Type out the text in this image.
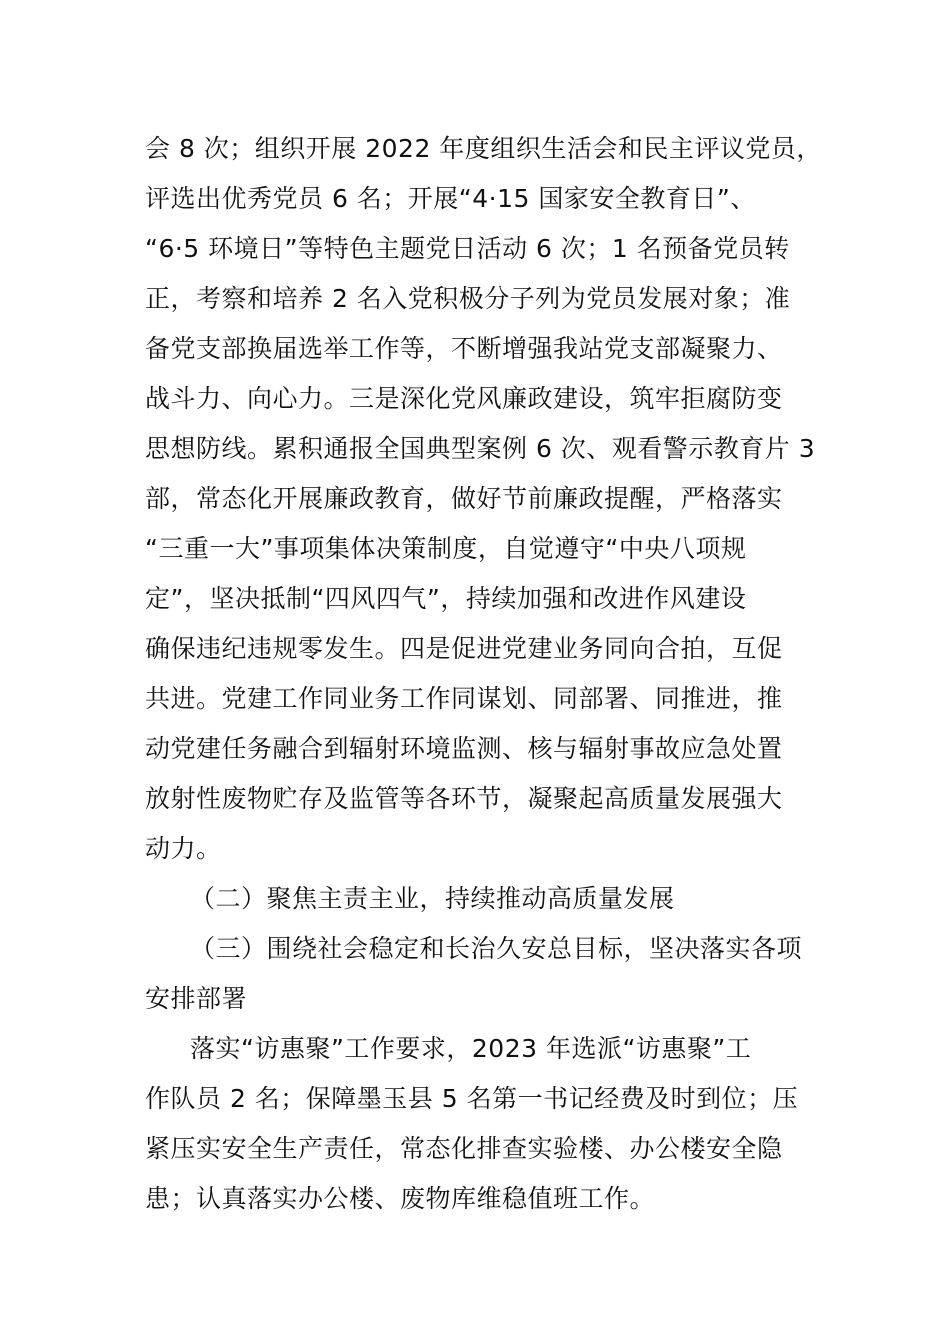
会 8 次；组织开展 2022 年度组织生活会和民主评议党员，
评选出优秀党员 6 名；开展“4·15 国家安全教育日”、
“6·5 环境日”等特色主题党日活动 6 次；1 名预备党员转
正，考察和培养 2 名入党积极分子列为党员发展对象；准
备党支部换届选举工作等，不断增强我站党支部凝聚力、
战斗力、向心力。三是深化党风廉政建设，筑牢拒腐防变
思想防线。累积通报全国典型案例 6 次、观看警示教育片 3
部，常态化开展廉政教育，做好节前廉政提醒，严格落实
“三重一大”事项集体决策制度，自觉遵守“中央八项规
定”，坚决抵制“四风四气”，持续加强和改进作风建设
确保违纪违规零发生。四是促进党建业务同向合拍，互促
共进。党建工作同业务工作同谋划、同部署、同推进，推
动党建任务融合到辐射环境监测、核与辐射事故应急处置
放射性废物贮存及监管等各环节，凝聚起高质量发展强大
动力。
（二）聚焦主责主业，持续推动高质量发展
（三）围绕社会稳定和长治久安总目标，坚决落实各项
安排部署
落实“访惠聚”工作要求，2023 年选派“访惠聚”工
作队员 2 名；保障墨玉县 5 名第一书记经费及时到位；压
紧压实安全生产责任，常态化排查实验楼、办公楼安全隐
患；认真落实办公楼、废物库维稳值班工作。
